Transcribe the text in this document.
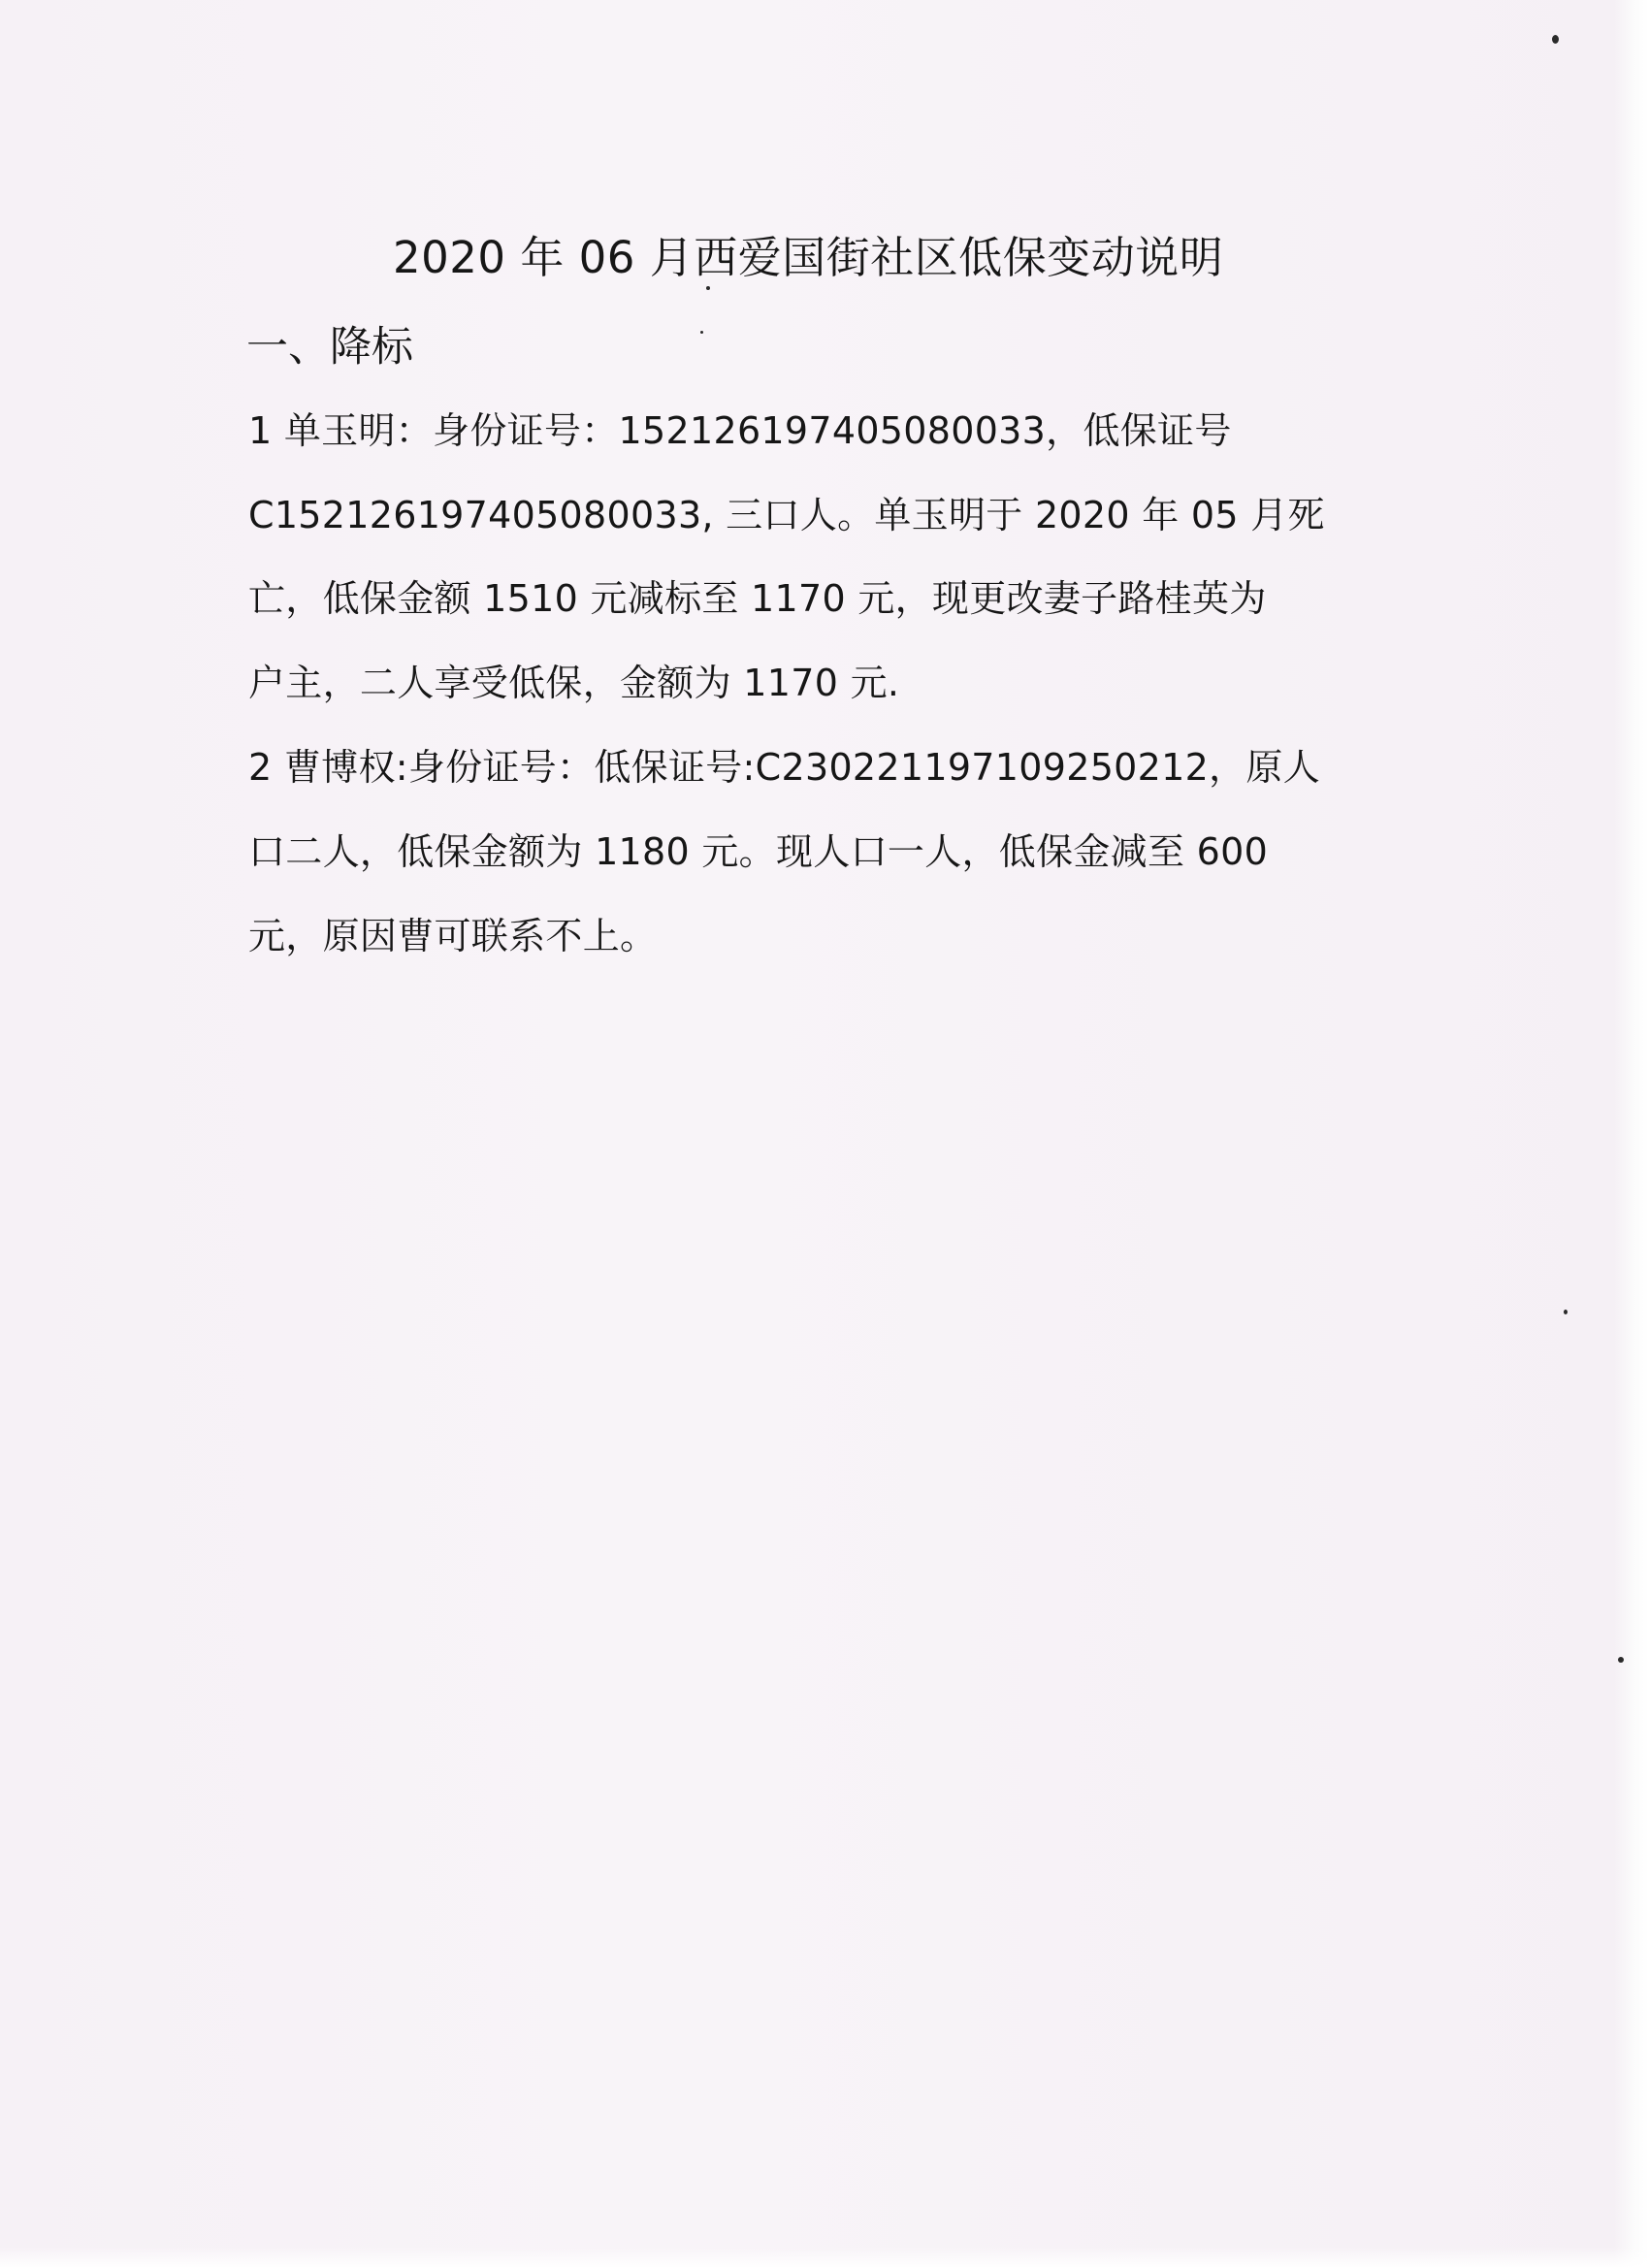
2020 年 06 月西爱国街社区低保变动说明
一、降标
1 单玉明：身份证号：152126197405080033，低保证号
C152126197405080033, 三口人。单玉明于 2020 年 05 月死
亡，低保金额 1510 元减标至 1170 元，现更改妻子路桂英为
户主，二人享受低保，金额为 1170 元.
2 曹博权:身份证号：低保证号:C230221197109250212，原人
口二人，低保金额为 1180 元。现人口一人，低保金减至 600
元，原因曹可联系不上。
